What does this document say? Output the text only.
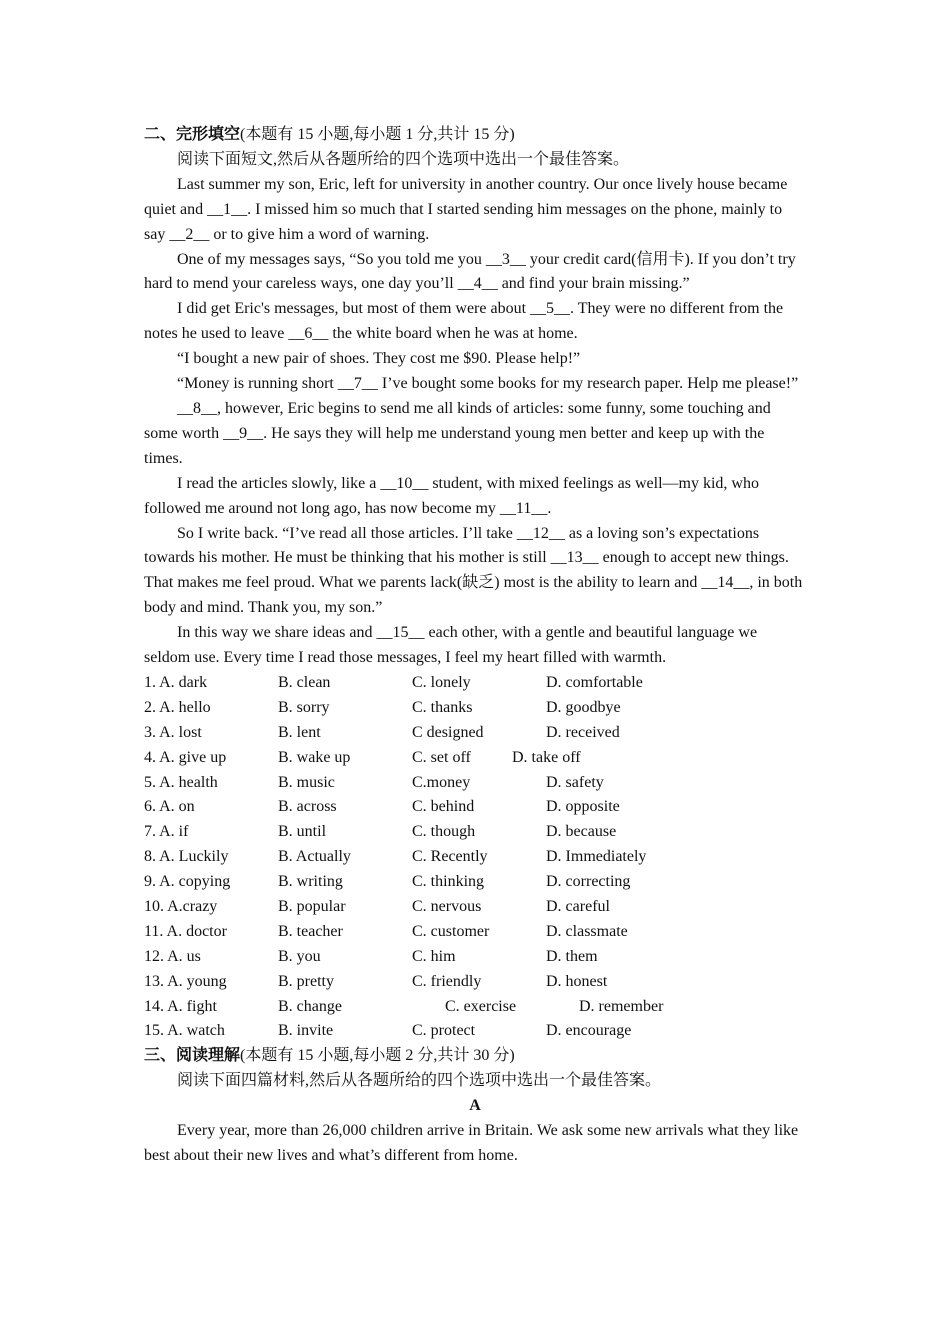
二、完形填空(本题有 15 小题,每小题 1 分,共计 15 分)

阅读下面短文,然后从各题所给的四个选项中选出一个最佳答案。

Last summer my son, Eric, left for university in another country. Our once lively house became quiet and __1__. I missed him so much that I started sending him messages on the phone, mainly to say __2__ or to give him a word of warning.

One of my messages says, “So you told me you __3__ your credit card(信用卡). If you don’t try hard to mend your careless ways, one day you’ll __4__ and find your brain missing.”

I did get Eric's messages, but most of them were about __5__. They were no different from the notes he used to leave __6__ the white board when he was at home.

“I bought a new pair of shoes. They cost me $90. Please help!”

“Money is running short __7__ I’ve bought some books for my research paper. Help me please!”

__8__, however, Eric begins to send me all kinds of articles: some funny, some touching and some worth __9__. He says they will help me understand young men better and keep up with the times.

I read the articles slowly, like a __10__ student, with mixed feelings as well—my kid, who followed me around not long ago, has now become my __11__.

So I write back. “I’ve read all those articles. I’ll take __12__ as a loving son’s expectations towards his mother. He must be thinking that his mother is still __13__ enough to accept new things. That makes me feel proud. What we parents lack(缺乏) most is the ability to learn and __14__, in both body and mind. Thank you, my son.”

In this way we share ideas and __15__ each other, with a gentle and beautiful language we seldom use. Every time I read those messages, I feel my heart filled with warmth.

1. A. dark	B. clean	C. lonely	D. comfortable
2. A. hello	B. sorry	C. thanks	D. goodbye
3. A. lost	B. lent	C designed	D. received
4. A. give up	B. wake up	C. set off	D. take off
5. A. health	B. music	C.money	D. safety
6. A. on	B. across	C. behind	D. opposite
7. A. if	B. until	C. though	D. because
8. A. Luckily	B. Actually	C. Recently	D. Immediately
9. A. copying	B. writing	C. thinking	D. correcting
10. A.crazy	B. popular	C. nervous	D. careful
11. A. doctor	B. teacher	C. customer	D. classmate
12. A. us	B. you	C. him	D. them
13. A. young	B. pretty	C. friendly	D. honest
14. A. fight	B. change	C. exercise	D. remember
15. A. watch	B. invite	C. protect	D. encourage

三、阅读理解(本题有 15 小题,每小题 2 分,共计 30 分)

阅读下面四篇材料,然后从各题所给的四个选项中选出一个最佳答案。

A

Every year, more than 26,000 children arrive in Britain. We ask some new arrivals what they like best about their new lives and what’s different from home.
